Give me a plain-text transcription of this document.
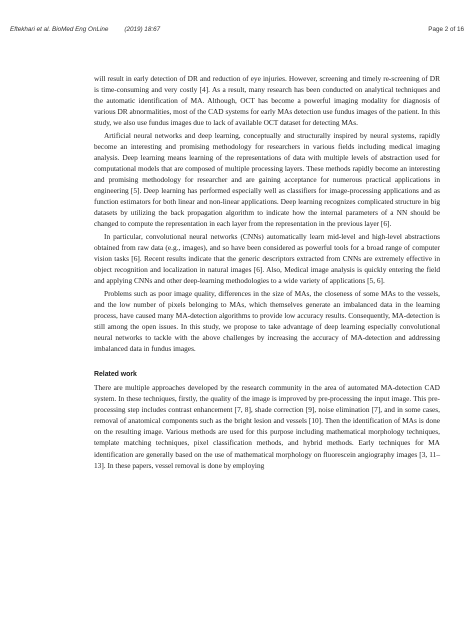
Eftekhari et al. BioMed Eng OnLine	(2019) 18:67	Page 2 of 16

will result in early detection of DR and reduction of eye injuries. However, screening and timely re-screening of DR is time-consuming and very costly [4]. As a result, many research has been conducted on analytical techniques and the automatic identification of MA. Although, OCT has become a powerful imaging modality for diagnosis of various DR abnormalities, most of the CAD systems for early MAs detection use fundus images of the patient. In this study, we also use fundus images due to lack of available OCT dataset for detecting MAs.

Artificial neural networks and deep learning, conceptually and structurally inspired by neural systems, rapidly become an interesting and promising methodology for researchers in various fields including medical imaging analysis. Deep learning means learning of the representations of data with multiple levels of abstraction used for computational models that are composed of multiple processing layers. These methods rapidly become an interesting and promising methodology for researcher and are gaining acceptance for numerous practical applications in engineering [5]. Deep learning has performed especially well as classifiers for image-processing applications and as function estimators for both linear and non-linear applications. Deep learning recognizes complicated structure in big datasets by utilizing the back propagation algorithm to indicate how the internal parameters of a NN should be changed to compute the representation in each layer from the representation in the previous layer [6].

In particular, convolutional neural networks (CNNs) automatically learn mid-level and high-level abstractions obtained from raw data (e.g., images), and so have been considered as powerful tools for a broad range of computer vision tasks [6]. Recent results indicate that the generic descriptors extracted from CNNs are extremely effective in object recognition and localization in natural images [6]. Also, Medical image analysis is quickly entering the field and applying CNNs and other deep-learning methodologies to a wide variety of applications [5, 6].

Problems such as poor image quality, differences in the size of MAs, the closeness of some MAs to the vessels, and the low number of pixels belonging to MAs, which themselves generate an imbalanced data in the learning process, have caused many MA-detection algorithms to provide low accuracy results. Consequently, MA-detection is still among the open issues. In this study, we propose to take advantage of deep learning especially convolutional neural networks to tackle with the above challenges by increasing the accuracy of MA-detection and addressing imbalanced data in fundus images.

Related work

There are multiple approaches developed by the research community in the area of automated MA-detection CAD system. In these techniques, firstly, the quality of the image is improved by pre-processing the input image. This pre-processing step includes contrast enhancement [7, 8], shade correction [9], noise elimination [7], and in some cases, removal of anatomical components such as the bright lesion and vessels [10]. Then the identification of MAs is done on the resulting image. Various methods are used for this purpose including mathematical morphology techniques, template matching techniques, pixel classification methods, and hybrid methods. Early techniques for MA identification are generally based on the use of mathematical morphology on fluorescein angiography images [3, 11–13]. In these papers, vessel removal is done by employing
